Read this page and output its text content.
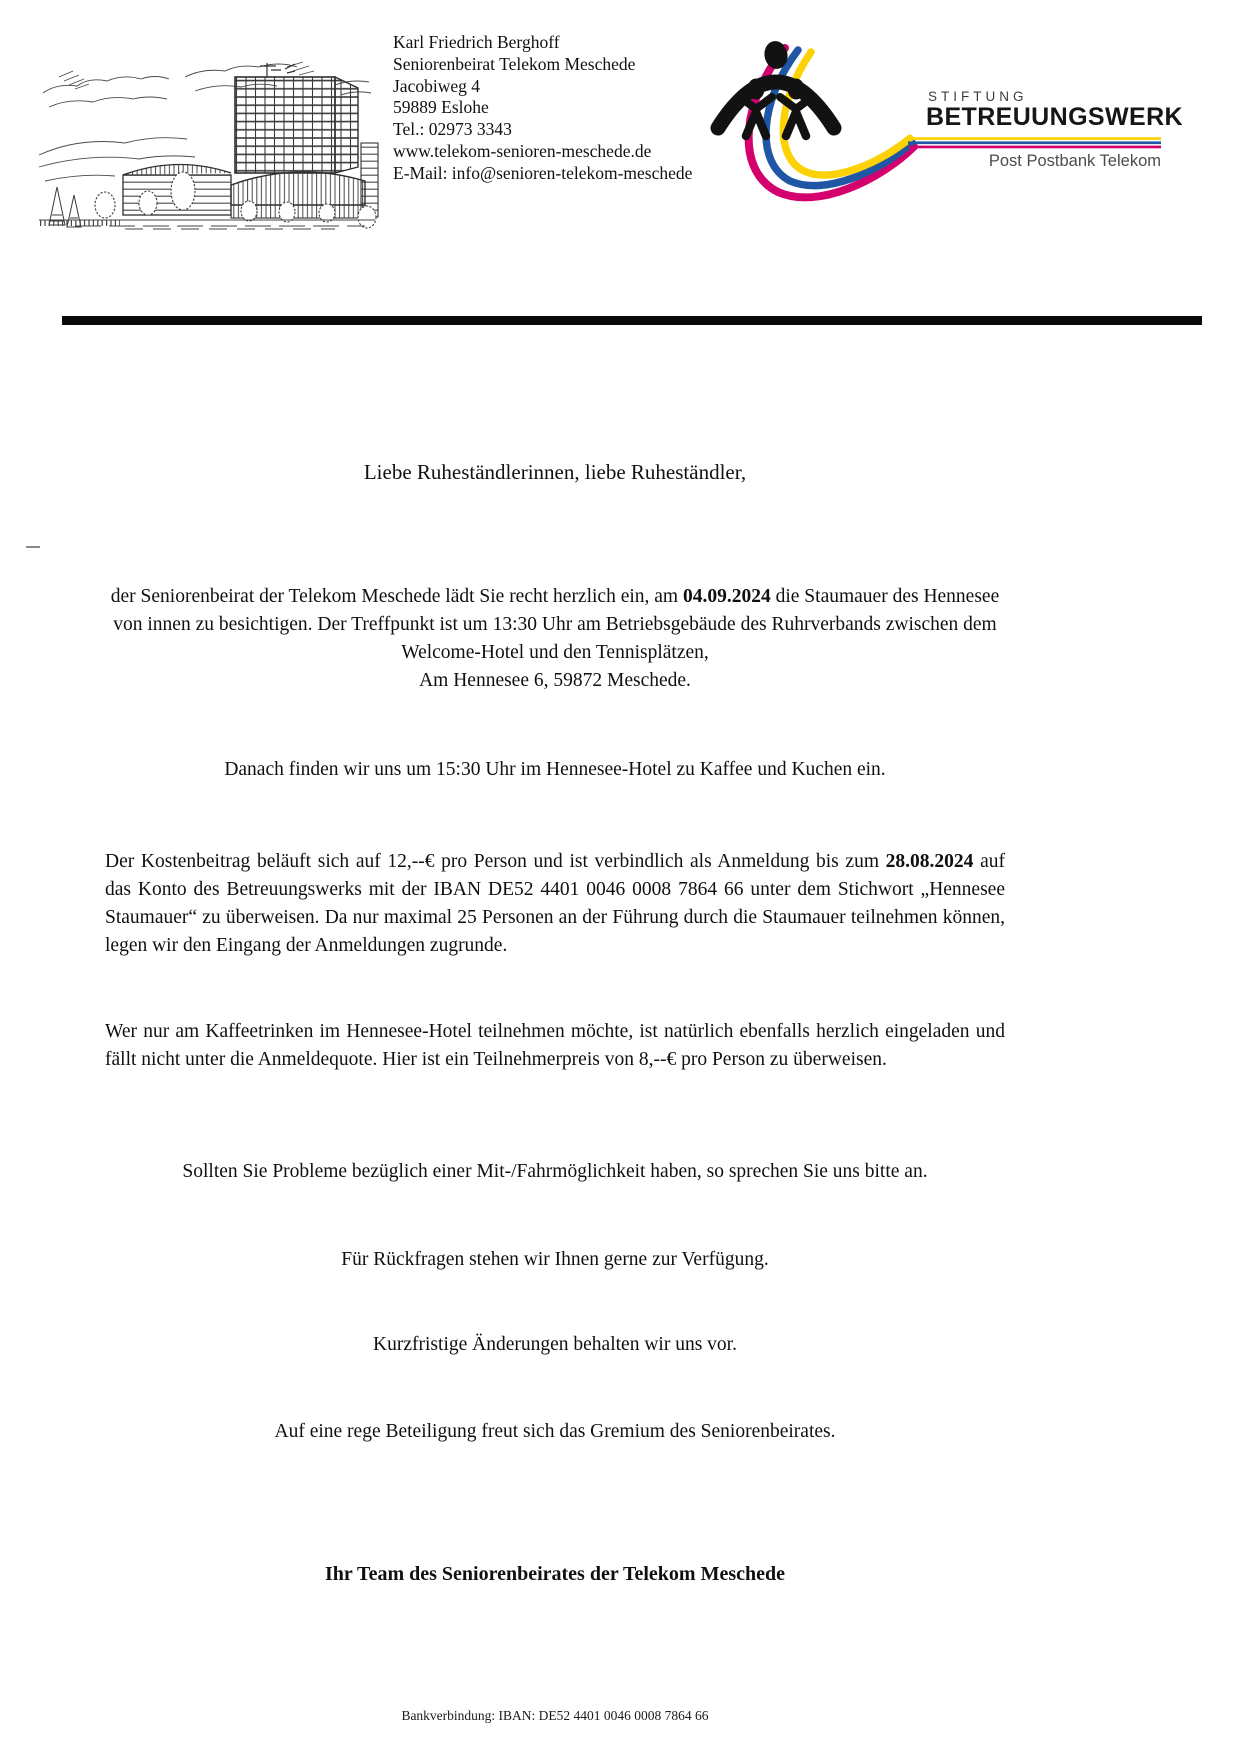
Karl Friedrich Berghoff
Seniorenbeirat Telekom Meschede
Jacobiweg 4
59889 Eslohe
Tel.: 02973 3343
www.telekom-senioren-meschede.de
E-Mail: info@senioren-telekom-meschede
STIFTUNG
BETREUUNGSWERK
Post Postbank Telekom

Liebe Ruheständlerinnen, liebe Ruheständler,

der Seniorenbeirat der Telekom Meschede lädt Sie recht herzlich ein, am 04.09.2024 die Staumauer des Hennesee von innen zu besichtigen. Der Treffpunkt ist um 13:30 Uhr am Betriebsgebäude des Ruhrverbands zwischen dem Welcome-Hotel und den Tennisplätzen,
Am Hennesee 6, 59872 Meschede.

Danach finden wir uns um 15:30 Uhr im Hennesee-Hotel zu Kaffee und Kuchen ein.

Der Kostenbeitrag beläuft sich auf 12,--€ pro Person und ist verbindlich als Anmeldung bis zum 28.08.2024 auf das Konto des Betreuungswerks mit der IBAN DE52 4401 0046 0008 7864 66 unter dem Stichwort „Hennesee Staumauer“ zu überweisen. Da nur maximal 25 Personen an der Führung durch die Staumauer teilnehmen können, legen wir den Eingang der Anmeldungen zugrunde.

Wer nur am Kaffeetrinken im Hennesee-Hotel teilnehmen möchte, ist natürlich ebenfalls herzlich eingeladen und fällt nicht unter die Anmeldequote. Hier ist ein Teilnehmerpreis von 8,--€ pro Person zu überweisen.

Sollten Sie Probleme bezüglich einer Mit-/Fahrmöglichkeit haben, so sprechen Sie uns bitte an.

Für Rückfragen stehen wir Ihnen gerne zur Verfügung.

Kurzfristige Änderungen behalten wir uns vor.

Auf eine rege Beteiligung freut sich das Gremium des Seniorenbeirates.

Ihr Team des Seniorenbeirates der Telekom Meschede

Bankverbindung: IBAN: DE52 4401 0046 0008 7864 66
